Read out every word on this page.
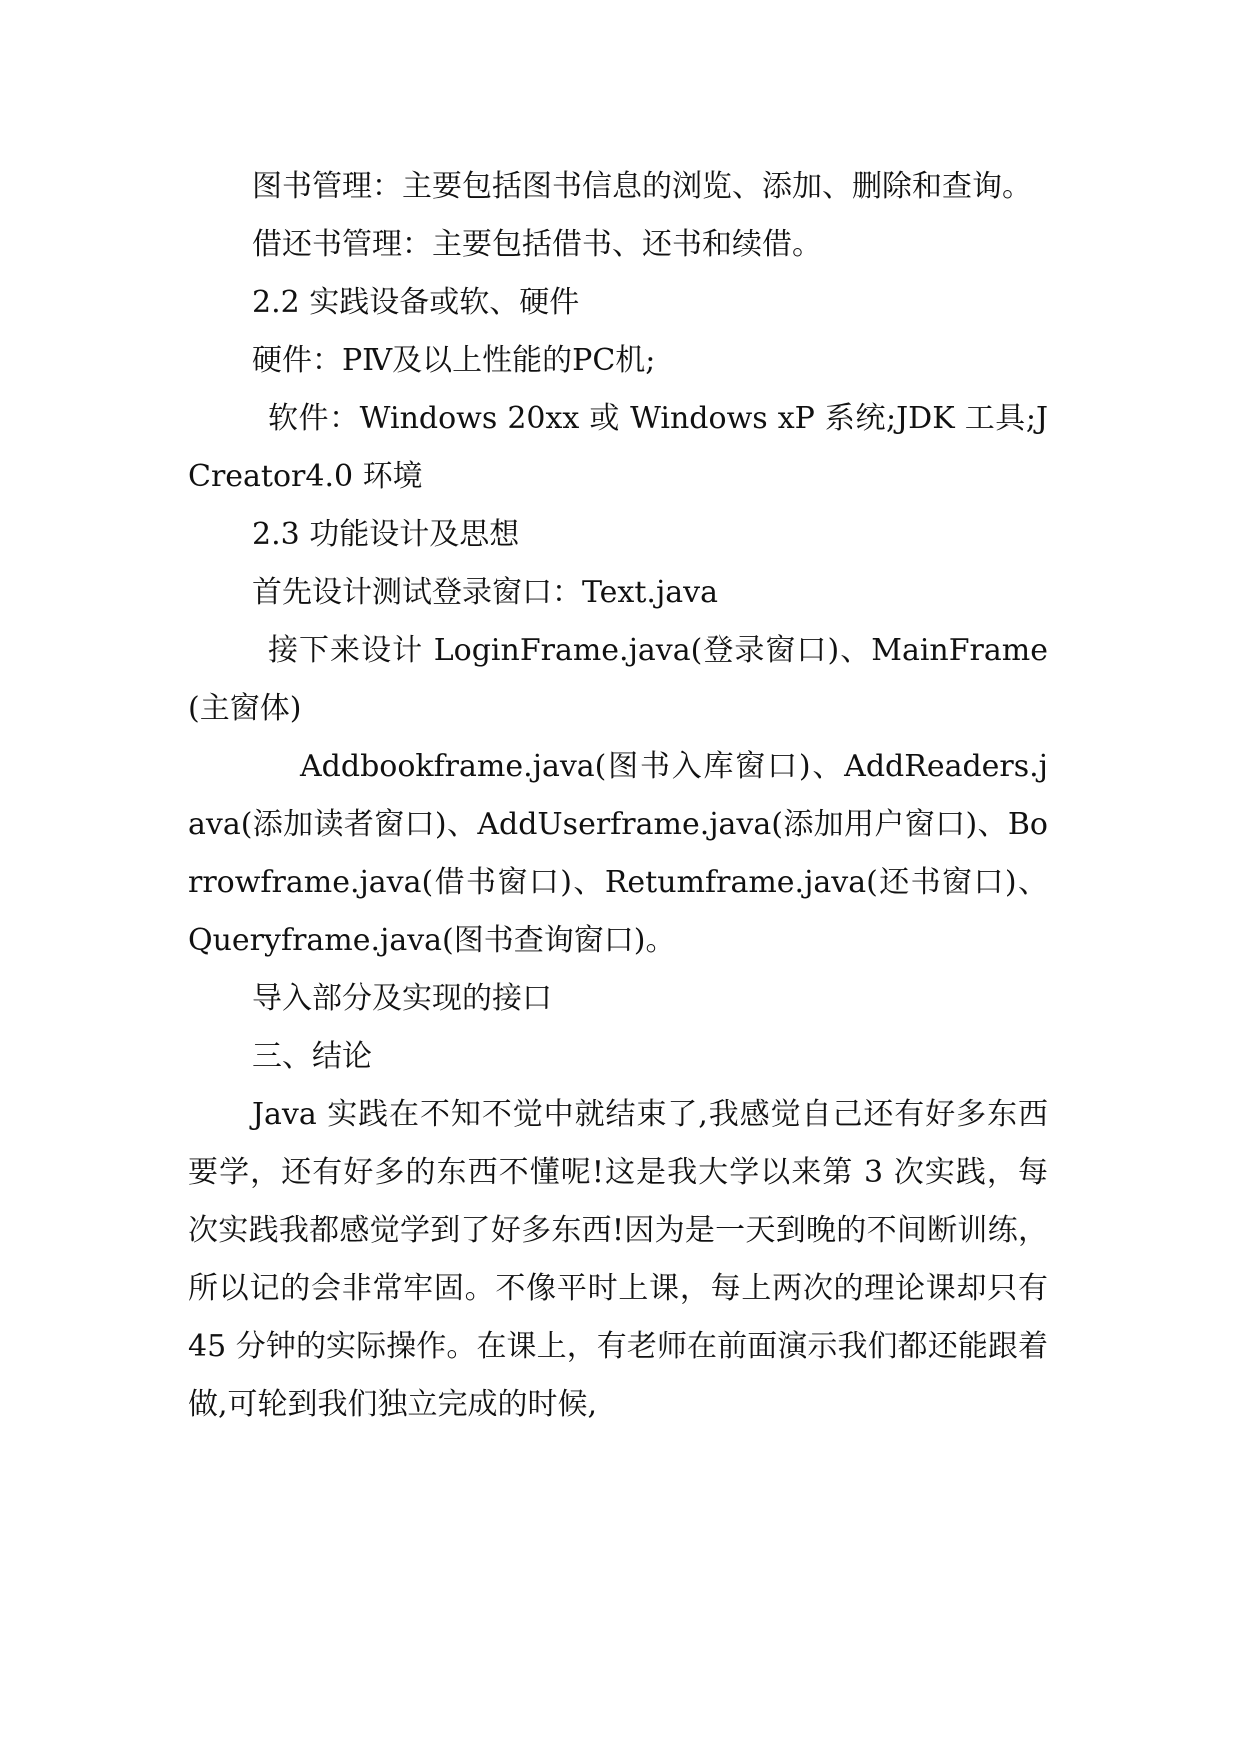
图书管理：主要包括图书信息的浏览、添加、删除和查询。

借还书管理：主要包括借书、还书和续借。

2.2 实践设备或软、硬件

硬件：PⅣ及以上性能的PC机;

软件：Windows 20xx 或 Windows xP 系统;JDK 工具;JCreator4.0 环境

2.3 功能设计及思想

首先设计测试登录窗口：Text.java

接下来设计 LoginFrame.java(登录窗口)、MainFrame(主窗体)

Addbookframe.java(图书入库窗口)、AddReaders.java(添加读者窗口)、AddUserframe.java(添加用户窗口)、Borrowframe.java(借书窗口)、Retumframe.java(还书窗口)、Queryframe.java(图书查询窗口)。

导入部分及实现的接口

三、结论

Java 实践在不知不觉中就结束了,我感觉自己还有好多东西要学，还有好多的东西不懂呢!这是我大学以来第 3 次实践，每次实践我都感觉学到了好多东西!因为是一天到晚的不间断训练，所以记的会非常牢固。不像平时上课，每上两次的理论课却只有 45 分钟的实际操作。在课上，有老师在前面演示我们都还能跟着做,可轮到我们独立完成的时候,
